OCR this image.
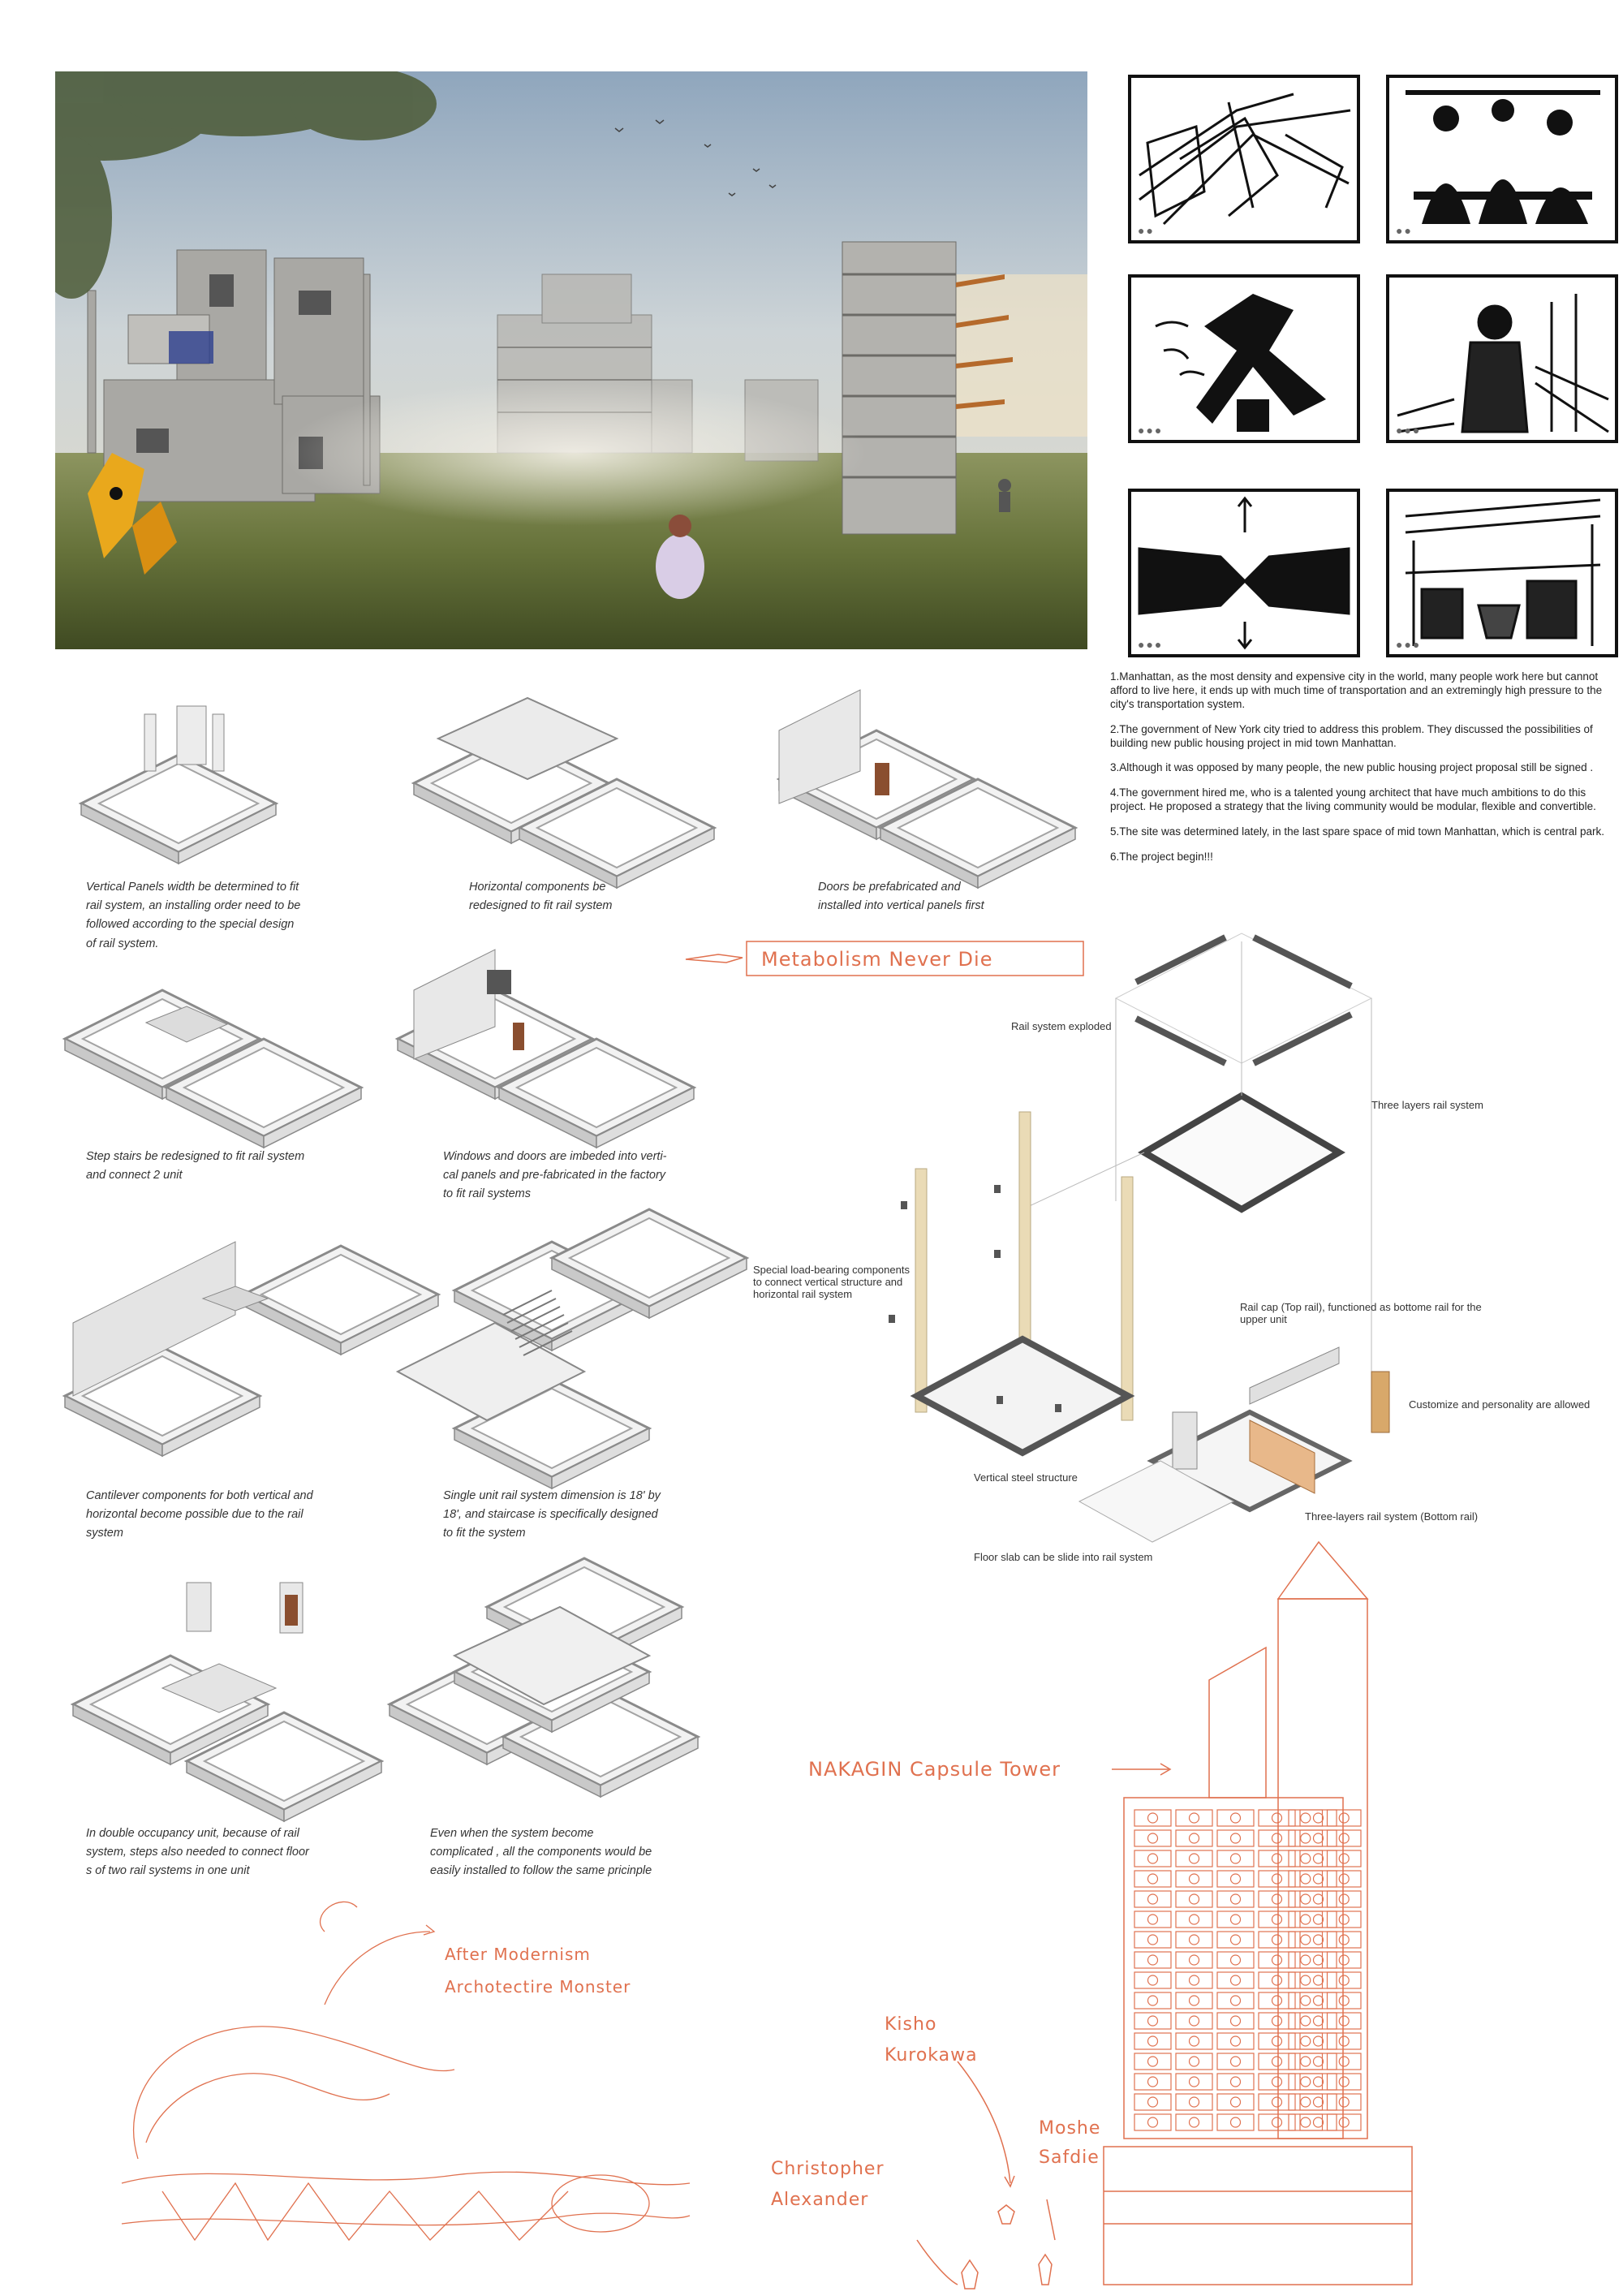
●●	●●
●●●	●●●
●●●	●●●

1.Manhattan, as the most density and expensive city in the world, many people work here but cannot afford to live here, it ends up with much time of transportation and an extremingly high pressure to the city's transportation system.

2.The government of New York city tried to address this problem. They discussed the possibilities of building new public housing project in mid town Manhattan.

3.Although it was opposed by many people, the new public housing project proposal still be signed .

4.The government hired me, who is a talented young architect that have much ambitions to do this project. He proposed a strategy that the living community would be modular, flexible and convertible.

5.The site was determined lately, in the last spare space of mid town Manhattan, which is central park.

6.The project begin!!!

Vertical Panels width be determined to fit rail system, an installing order need to be followed according to the special design of rail system.
Horizontal components be redesigned to fit rail system
Doors be prefabricated and installed into vertical panels first
Step stairs be redesigned to fit rail system and connect 2 unit
Windows and doors are imbeded into verti-cal panels and pre-fabricated in the factory to fit rail systems
Cantilever components for both vertical and horizontal become possible due to the rail system
Single unit rail system dimension is 18' by 18', and staircase is specifically designed to fit the system
In double occupancy unit, because of rail system, steps also needed to connect floor s of two rail systems in one unit
Even when the system become complicated , all the components would be easily installed to follow the same pricinple
Rail system exploded
Three layers rail system
Special load-bearing components to connect vertical structure and horizontal rail system
Rail cap (Top rail), functioned as bottome rail for the upper unit
Customize and personality are allowed
Vertical steel structure
Three-layers rail system (Bottom rail)
Floor slab can be slide into rail system
Metabolism Never Die
NAKAGIN Capsule Tower
After Modernism
Archotectire Monster
Kisho
Kurokawa
Moshe
Safdie
Christopher
Alexander
